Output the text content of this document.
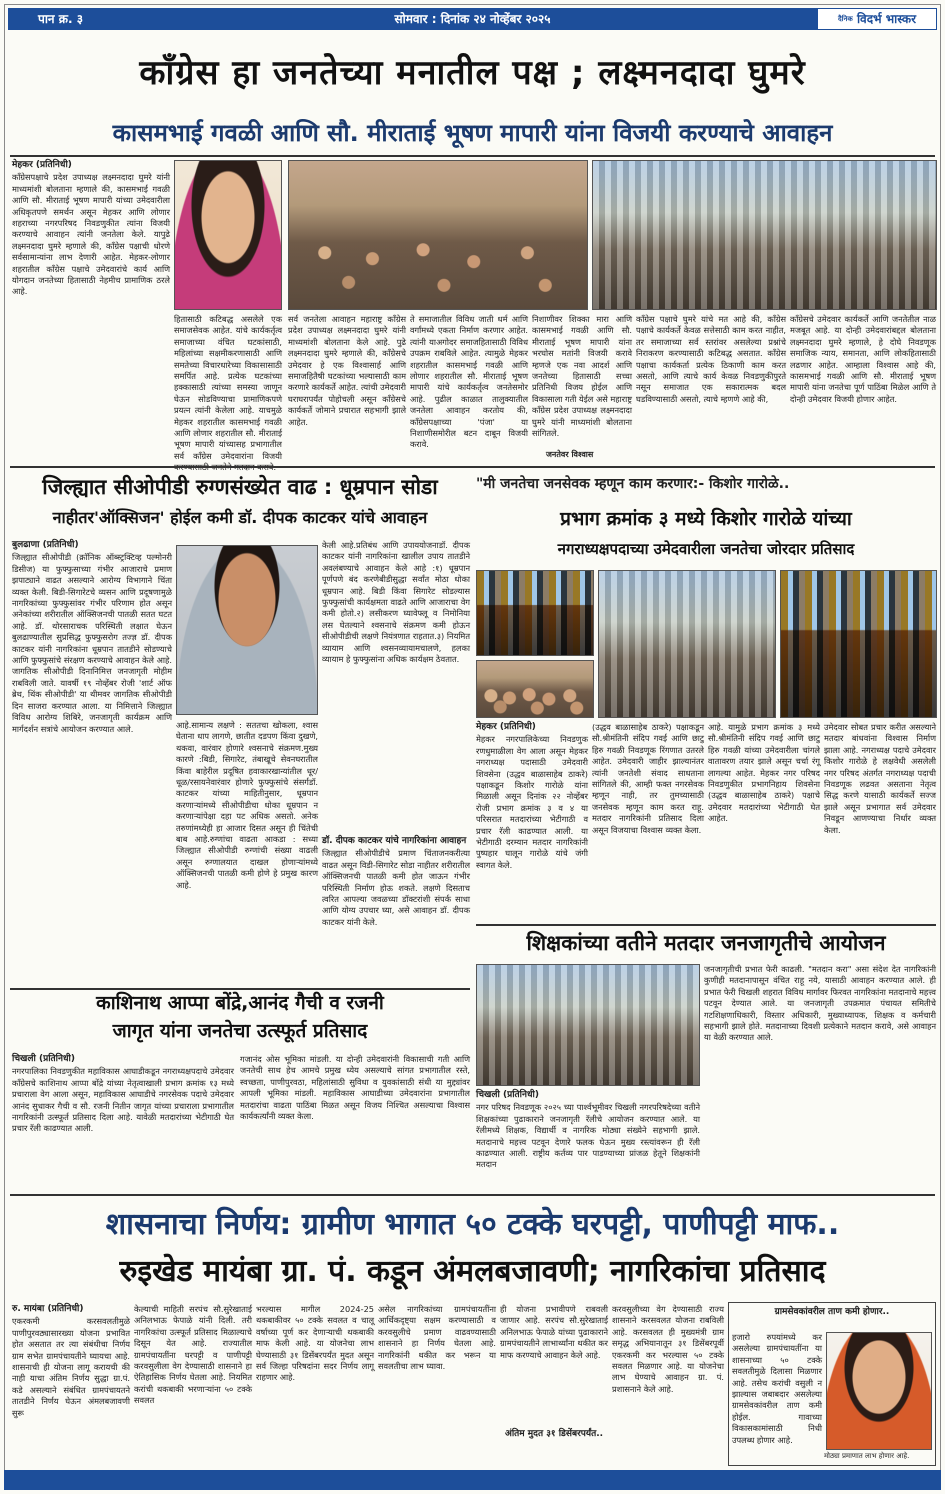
पान क्र. ३	सोमवार : दिनांक २४ नोव्हेंबर २०२५	$^{दैनिक}$ विदर्भ भास्कर
कॉंग्रेस हा जनतेच्या मनातील पक्ष ; लक्ष्मनदादा घुमरे
कासमभाई गवळी आणि सौ. मीराताई भूषण मापारी यांना विजयी करण्याचे आवाहन
मेहकर (प्रतिनिधी)
काँग्रेसपक्षाचे प्रदेश उपाध्यक्ष लक्ष्मनदादा घुमरे यांनी माध्यमांशी बोलताना म्हणाले की, कासमभाई गवळी आणि सौ. मीराताई भूषण मापारी यांच्या उमेदवारीला अधिकृतपणे समर्थन असून मेहकर आणि लोणार शहराच्या नगरपरिषद निवडणुकीत त्यांना विजयी करण्याचे आवाहन त्यांनी जनतेला केले. यापुढे लक्ष्मनदादा घुमरे म्हणाले की, काँग्रेस पक्षाची धोरणे सर्वसामान्यांना लाभ देणारी आहेत. मेहकर-लोणार शहरातील काँग्रेस पक्षाचे उमेदवारांचे कार्य आणि योगदान जनतेच्या हितासाठी नेहमीच प्रामाणिक ठरले आहे.
हितासाठी कटिबद्ध असलेले एक समाजसेवक आहेत. यांचे कार्यकर्तृत्व समाजाच्या वंचित घटकांसाठी, महिलांच्या सक्षमीकरणासाठी आणि समतेच्या विचारधारेच्या विकासासाठी समर्पित आहे. प्रत्येक घटकांच्या हक्कासाठी त्यांच्या समस्या जाणून घेऊन सोडविण्याचा प्रामाणिकपणे प्रयत्न त्यांनी केलेला आहे. याचमुळे मेहकर शहरातील कासमभाई गवळी आणि लोणार शहरातील सौ. मीराताई भूषण मापारी यांच्यासह प्रभागातील सर्व काँग्रेस उमेदवारांना विजयी
सर्व जनतेला आवाहन महाराष्ट्र काँग्रेस प्रदेश उपाध्यक्ष लक्ष्मनदादा घुमरे यांनी माध्यमांशी बोलताना केले आहे. पुढे लक्ष्मनदादा घुमरे म्हणाले की, काँग्रेसचे उमेदवार हे एक विश्वासार्ह आणि समाजहितैषी घटकांच्या भल्यासाठी काम करणारे कार्यकर्ते आहेत. त्यांची उमेदवारी घराघरापर्यंत पोहोचली असून काँग्रेसचे कार्यकर्ते जोमाने प्रचारात सहभागी झाले आहेत.
ते समाजातील विविध जाती धर्म आणि वर्गांमध्ये एकता निर्माण करणार आहेत. त्यांनी याअगोदर समाजहितासाठी विविध उपक्रम राबविले आहेत. त्यामुळे मेहकर शहरातील कासमभाई गवळी आणि लोणार शहरातील सौ. मीराताई भूषण मापारी यांचे कार्यकर्तृत्व जनतेसमोर आहे. पुढील काळात तालुक्यातील जनतेला आवाहन करतोय की, काँग्रेसपक्षाच्या 'पंजा' या निशाणीसमोरील बटन दाबून विजयी करावे.
निशाणीवर शिक्का मारा आणि कासमभाई गवळी आणि सौ. मीराताई भूषण मापारी यांना भरघोस मतांनी विजयी करावे म्हणजे एक नवा आदर्श आणि जनतेच्या हितासाठी सच्चा प्रतिनिधी विजय होईल आणि विकासाला गती येईल असे महाराष्ट्र काँग्रेस प्रदेश उपाध्यक्ष लक्ष्मनदादा घुमरे यांनी माध्यमांशी बोलताना सांगितले.
जनतेवर विश्वास
काँग्रेस पक्षाचे घुमरे यांचे मत आहे की, काँग्रेस पक्षाचे कार्यकर्ते केवळ सत्तेसाठी काम करत नाहीत, तर समाजाच्या सर्व स्तरांवर असलेल्या प्रश्नांचे निराकरण करण्यासाठी कटिबद्ध असतात. काँग्रेस पक्षाचा कार्यकर्ता प्रत्येक ठिकाणी काम करत असतो, आणि त्याचे कार्य केवळ निवडणुकीपुरते नसून समाजात एक सकारात्मक बदल घडविण्यासाठी असतो, त्याचे म्हणणे आहे की,
काँग्रेसचे उमेदवार कार्यकर्ते आणि जनतेतील नाळ मजबूत आहे. या दोन्ही उमेदवारांबद्दल बोलताना लक्ष्मनदादा घुमरे म्हणाले, हे दोघे निवडणूक समाजिक न्याय, समानता, आणि लोकहितासाठी लढणार आहेत. आम्हाला विश्वास आहे की, कासमभाई गवळी आणि सौ. मीराताई भूषण मापारी यांना जनतेचा पूर्ण पाठिंबा मिळेल आणि ते दोन्ही उमेदवार विजयी होणार आहेत.
जिल्ह्यात सीओपीडी रुग्णसंख्येत वाढ : धूम्रपान सोडा
नाहीतर'ऑक्सिजन' होईल कमी डॉ. दीपक काटकर यांचे आवाहन
बुलढाणा (प्रतिनिधी)
जिल्ह्यात सीओपीडी (क्रॉनिक ऑब्स्ट्रक्टिव्ह पल्मोनरी डिसीज) या फुफ्फुसाच्या गंभीर आजाराचे प्रमाण झपाट्याने वाढत असल्याने आरोग्य विभागाने चिंता व्यक्त केली. बिडी-सिगारेटचे व्यसन आणि प्रदूषणामुळे नागरिकांच्या फुफ्फुसांवर गंभीर परिणाम होत असून अनेकांच्या शरीरातील ऑक्सिजनची पातळी सतत घटत आहे. डॉ. थोरसाराचक परिस्थिती लक्षात घेऊन बुलढाण्यातील सुप्रसिद्ध फुफ्फुसरोग तज्ज्ञ डॉ. दीपक काटकर यांनी नागरिकांना धूम्रपान तातडीने सोडण्याचे आणि फुफ्फुसांचे संरक्षण करण्याचे आवाहन केले आहे. जागतिक सीओपीडी दिनानिमित्त जनजागृती मोहीम राबविली जाते. यावर्षी १९ नोव्हेंबर रोजी 'शार्ट ऑफ ब्रेथ, थिंक सीओपीडी' या थीमवर जागतिक सीओपीडी दिन साजरा करण्यात आला. या निमित्ताने जिल्ह्यात विविध आरोग्य शिबिरे, जनजागृती कार्यक्रम आणि मार्गदर्शन सत्रांचे आयोजन करण्यात आले.	आहे.सामान्य लक्षणे : सततचा खोकला, श्वास घेताना धाप लागणे, छातीत दडपण किंवा दुखणे, थकवा, वारंवार होणारे श्वसनाचे संक्रमण.मुख्य कारणे :बिडी, सिगारेट, तंबाखूचे सेवनघरातील किंवा बाहेरील प्रदूषित हवाकारखान्यांतील धूर/धूळ/रसायनेवारंवार होणारे फुफ्फुसांचे संसर्गडॉ. काटकर यांच्या माहितीनुसार, धूम्रपान करणाऱ्यांमध्ये सीओपीडीचा धोका धूम्रपान न करणाऱ्यांपेक्षा दहा पट अधिक असतो. अनेक तरुणांमध्येही हा आजार दिसत असून ही चिंतेची बाब आहे.रुग्णांचा वाढता आकडा : सध्या जिल्ह्यात सीओपीडी रुग्णांची संख्या वाढली असून रुग्णालयात दाखल होणाऱ्यांमध्ये ऑक्सिजनची पातळी कमी होणे हे प्रमुख कारण आहे.
केली आहे.प्रतिबंध आणि उपाययोजनाडॉ. दीपक काटकर यांनी नागरिकांना खालील उपाय तातडीने अवलंबण्याचे आवाहन केले आहे :१) धूम्रपान पूर्णपणे बंद करणेबीडीसुद्धा सर्वांत मोठा धोका धूम्रपान आहे. बिडी किंवा सिगारेट सोडल्यास फुफ्फुसांची कार्यक्षमता वाढते आणि आजाराचा वेग कमी होतो.२) लसीकरण घ्यावेफ्लू व निमोनिया लस घेतल्याने श्वसनाचे संक्रमण कमी होऊन सीओपीडीची लक्षणे नियंत्रणात राहतात.३) नियमित व्यायाम आणि श्वसनव्यायामचालणे, हलका व्यायाम हे फुफ्फुसांना अधिक कार्यक्षम ठेवतात.
डॉ. दीपक काटकर यांचे नागरिकांना आवाहन
जिल्ह्यात सीओपीडीचे प्रमाण चिंताजनकरीत्या वाढत असून विडी-सिगारेट सोडा नाहीतर शरीरातील ऑक्सिजनची पातळी कमी होत जाऊन गंभीर परिस्थिती निर्माण होऊ शकते. लक्षणे दिसताच त्वरित आपल्या जवळच्या डॉक्टरांशी संपर्क साधा आणि योग्य उपचार घ्या, असे आवाहन डॉ. दीपक काटकर यांनी केले.
"मी जनतेचा जनसेवक म्हणून काम करणार:- किशोर गारोळे..
प्रभाग क्रमांक ३ मध्ये किशोर गारोळे यांच्या
नगराध्यक्षपदाच्या उमेदवारीला जनतेचा जोरदार प्रतिसाद
मेहकर (प्रतिनिधी)
मेहकर नगरपालिकेच्या निवडणुक रणधुमाळीला वेग आला असून मेहकर नगराध्यक्ष पदासाठी उमेदवारी शिवसेना (उद्धव बाळासाहेब ठाकरे) पक्षाकडून किशोर गारोळे यांना मिळाली असून दिनांक २२ नोव्हेंबर रोजी प्रभाग क्रमांक ३ व ४ या परिसरात मतदारांच्या भेटीगाठी व प्रचार रॅली काढण्यात आली. या भेटीगाठी दरम्यान मतदार नागरिकांनी पुष्पहार घालून गारोळे यांचे जंगी स्वागत केले.
(उद्धव बाळासाहेब ठाकरे) पक्षाकडून सौ.श्रीमंतिनी संदिप गवई आणि छाटु हिरु गवळी निवडणूक रिंगणात उतरले आहेत. उमेदवारी जाहीर झाल्यानंतर त्यांनी जनतेशी संवाद साधताना सांगितले की, आम्ही फक्त नगरसेवक म्हणून नाही, तर तुमच्यासाठी जनसेवक म्हणून काम करत राहू. मतदार नागरिकांनी प्रतिसाद दिला असून विजयाचा विश्वास व्यक्त केला.
आहे. यामुळे प्रभाग क्रमांक ३ मध्ये सौ.श्रीमंतिनी संदिप गवई आणि छाटु हिरु गवळी यांच्या उमेदवारीला चांगले वातावरण तयार झाले असून चर्चा रंगू लागल्या आहेत. मेहकर नगर परिषद निवडणुकीत प्रभागनिहाय शिवसेना (उद्धव बाळासाहेब ठाकरे) पक्षाचे उमेदवार मतदारांच्या भेटीगाठी घेत आहेत.
उमेदवार सोबत प्रचार करीत असल्याने मतदार बांधवांना विश्वास निर्माण झाला आहे. नगराध्यक्ष पदाचे उमेदवार किशोर गारोळे हे लक्षवेधी असलेली नगर परिषद अंतर्गत नगराध्यक्ष पदाची निवडणूक लढवत असताना नेतृत्व सिद्ध करणे यासाठी कार्यकर्ते सज्ज झाले असून प्रभागात सर्व उमेदवार निवडून आणण्याचा निर्धार व्यक्त केला.
शिक्षकांच्या वतीने मतदार जनजागृतीचे आयोजन
चिखली (प्रतिनिधी)
नगर परिषद निवडणूक २०२५ च्या पार्श्वभूमीवर चिखली नगरपरिषदेच्या वतीने शिक्षकांच्या पुढाकाराने जनजागृती रॅलीचे आयोजन करण्यात आले. या रॅलीमध्ये शिक्षक, विद्यार्थी व नागरिक मोठ्या संख्येने सहभागी झाले. मतदानाचे महत्त्व पटवून देणारे फलक घेऊन मुख्य रस्त्यांवरून ही रॅली काढण्यात आली. राष्ट्रीय कर्तव्य पार पाडण्याच्या प्रांजळ हेतूने शिक्षकांनी मतदान
जनजागृतीची प्रभात फेरी काढली. "मतदान करा" असा संदेश देत नागरिकांनी कुणीही मतदानापासून वंचित राहू नये, यासाठी आवाहन करण्यात आले. ही प्रभात फेरी चिखली शहरात विविध मार्गावर फिरवत नागरिकांना मतदानाचे महत्त्व पटवून देण्यात आले. या जनजागृती उपक्रमात पंचायत समितीचे गटशिक्षणाधिकारी, विस्तार अधिकारी, मुख्याध्यापक, शिक्षक व कर्मचारी सहभागी झाले होते. मतदानाच्या दिवशी प्रत्येकाने मतदान करावे, असे आवाहन या वेळी करण्यात आले.
काशिनाथ आप्पा बोंद्रे,आनंद गैची व रजनी
जागृत यांना जनतेचा उत्स्फूर्त प्रतिसाद
चिखली (प्रतिनिधी)
नगरपालिका निवडणुकीत महाविकास आघाडीकडून नगराध्यक्षपदाचे उमेदवार काँग्रेसचे काशिनाथ आप्पा बोंद्रे यांच्या नेतृत्वाखाली प्रभाग क्रमांक १३ मध्ये प्रचाराला वेग आला असून, महाविकास आघाडीचे नगरसेवक पदाचे उमेदवार आनंद सुधाकर गैची व सौ. रजनी नितीन जागृत यांच्या प्रचाराला प्रभागातील नागरिकांनी उत्स्फूर्त प्रतिसाद दिला आहे. यावेळी मतदारांच्या भेटीगाठी घेत प्रचार रॅली काढण्यात आली.
गजानंद ओस भूमिका मांडली. या दोन्ही उमेदवारांनी विकासाची गती आणि जनतेची साथ हेच आमचे प्रमुख ध्येय असल्याचे सांगत प्रभागातील रस्ते, स्वच्छता, पाणीपुरवठा, महिलांसाठी सुविधा व युवकांसाठी संधी या मुद्द्यांवर आपली भूमिका मांडली. महाविकास आघाडीच्या उमेदवारांना प्रभागातील मतदारांचा वाढता पाठिंबा मिळत असून विजय निश्चित असल्याचा विश्वास कार्यकर्त्यांनी व्यक्त केला.
शासनाचा निर्णय: ग्रामीण भागात ५० टक्के घरपट्टी, पाणीपट्टी माफ..
रुइखेड मायंबा ग्रा. पं. कडून अंमलबजावणी; नागरिकांचा प्रतिसाद
रु. मायंबा (प्रतिनिधी)
एकरकमी करसवलतीमुळे पाणीपुरवठ्यासारख्या योजना प्रभावित होत असतात तर त्या संबंधीचा निर्णय ग्राम सभेत ग्रामपंचायतीने घ्यायचा आहे. शासनाची ही योजना लागू करायची की नाही याचा अंतिम निर्णय सुद्धा ग्रा.पं. कडे असल्याने संबंधित ग्रामपंचायतने तातडीने निर्णय घेऊन अंमलबजावणी सुरू
केल्याची माहिती सरपंच सौ.सुरेखाताई अनिलभाऊ फेपाळे यांनी दिली. तरी नागरिकांचा उत्स्फूर्त प्रतिसाद मिळाल्याचे दिसून येत आहे. राज्यातील ग्रामपंचायतींना घरपट्टी व पाणीपट्टी करवसुलीला वेग देण्यासाठी शासनाने हा ऐतिहासिक निर्णय घेतला आहे. नियमित करांची थकबाकी भरणाऱ्यांना ५० टक्के सवलत
भरल्यास मागील 2024-25 थकबाकीवर ५० टक्के सवलत व चालू वर्षाच्या पूर्ण कर देणाऱ्याची थकबाकी माफ केली आहे. या योजनेचा लाभ घेण्यासाठी ३१ डिसेंबरपर्यंत मुदत असून सर्व जिल्हा परिषदांना सदर निर्णय लागू राहणार आहे.
असेल नागरिकांच्या ग्रामपंचायतींना आर्थिकदृष्ट्या सक्षम करण्यासाठी व करवसुलीचे प्रमाण वाढवण्यासाठी शासनाने हा निर्णय घेतला आहे. नागरिकांनी थकीत कर भरून या सवलतीचा लाभ घ्यावा.
ही योजना प्रभावीपणे राबवली जाणार आहे. सरपंच सौ.सुरेखाताई अनिलभाऊ फेपाळे यांच्या पुढाकाराने ग्रामपंचायतीने लाभार्थ्यांना थकीत कर माफ करण्याचे आवाहन केले आहे.
अंतिम मुदत ३१ डिसेंबरपर्यंत..
करवसुलीच्या वेग देण्यासाठी राज्य शासनाने करसवलत योजना राबविली आहे. करसवलत ही मुख्यमंत्री ग्राम समृद्ध अभियानातून ३१ डिसेंबरपूर्वी एकरकमी कर भरल्यास ५० टक्के सवलत मिळणार आहे. या योजनेचा लाभ घेण्याचे आवाहन ग्रा. पं. प्रशासनाने केले आहे.
ग्रामसेवकांवरील ताण कमी होणार..
हजारो रुपयांमध्ये कर असलेल्या ग्रामपंचायतींना या शासनाच्या ५० टक्के सवलतीमुळे दिलासा मिळणार आहे. तसेच करांची वसुली न झाल्यास जबाबदार असलेल्या ग्रामसेवकांवरील ताण कमी होईल. गावाच्या विकासकामांसाठी निधी उपलब्ध होणार आहे.
मोठ्या प्रमाणात लाभ होणार आहे.
